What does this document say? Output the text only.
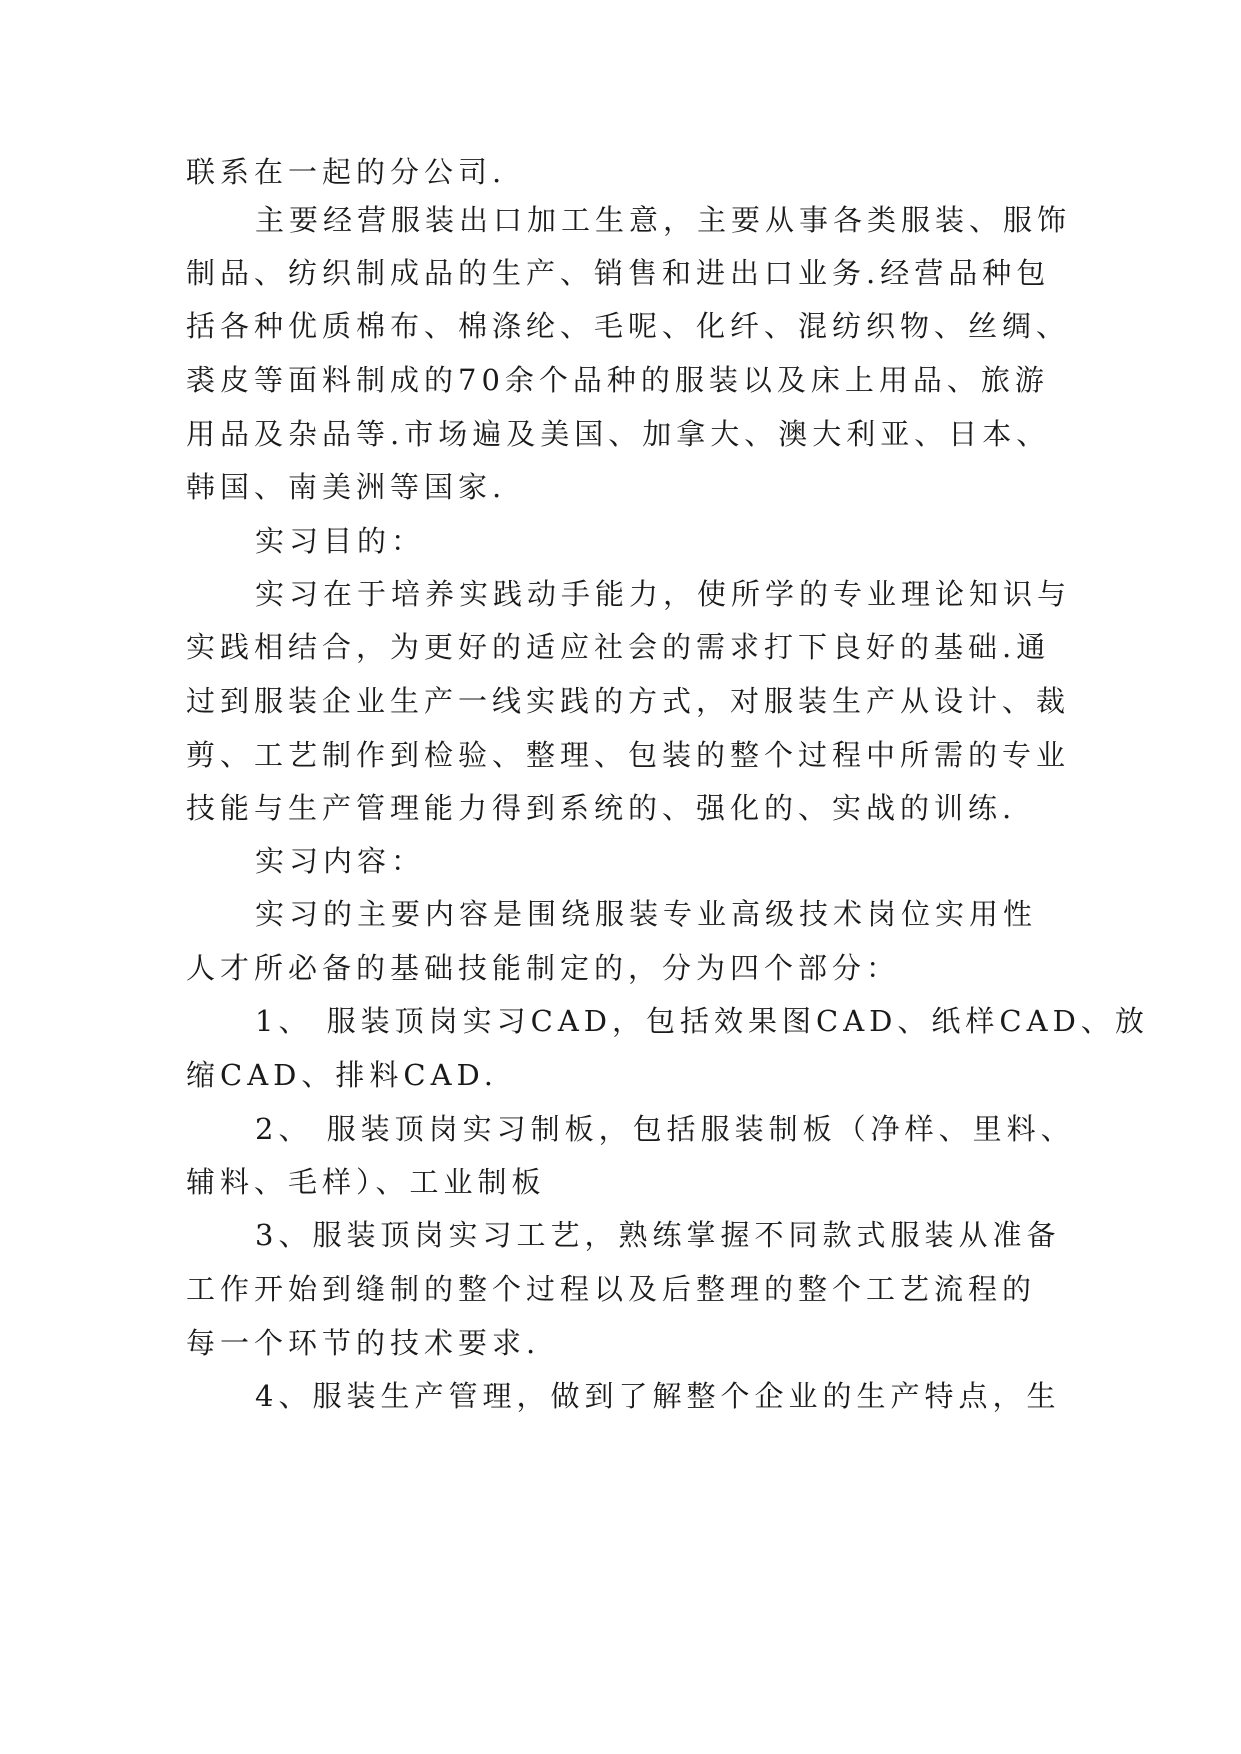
联系在一起的分公司.
主要经营服装出口加工生意，主要从事各类服装、服饰
制品、纺织制成品的生产、销售和进出口业务.经营品种包
括各种优质棉布、棉涤纶、毛呢、化纤、混纺织物、丝绸、
裘皮等面料制成的70余个品种的服装以及床上用品、旅游
用品及杂品等.市场遍及美国、加拿大、澳大利亚、日本、
韩国、南美洲等国家.
实习目的：
实习在于培养实践动手能力，使所学的专业理论知识与
实践相结合，为更好的适应社会的需求打下良好的基础.通
过到服装企业生产一线实践的方式，对服装生产从设计、裁
剪、工艺制作到检验、整理、包装的整个过程中所需的专业
技能与生产管理能力得到系统的、强化的、实战的训练.
实习内容：
实习的主要内容是围绕服装专业高级技术岗位实用性
人才所必备的基础技能制定的，分为四个部分：
1、 服装顶岗实习CAD，包括效果图CAD、纸样CAD、放
缩CAD、排料CAD.
2、 服装顶岗实习制板，包括服装制板（净样、里料、
辅料、毛样）、工业制板
3、服装顶岗实习工艺，熟练掌握不同款式服装从准备
工作开始到缝制的整个过程以及后整理的整个工艺流程的
每一个环节的技术要求.
4、服装生产管理，做到了解整个企业的生产特点，生
